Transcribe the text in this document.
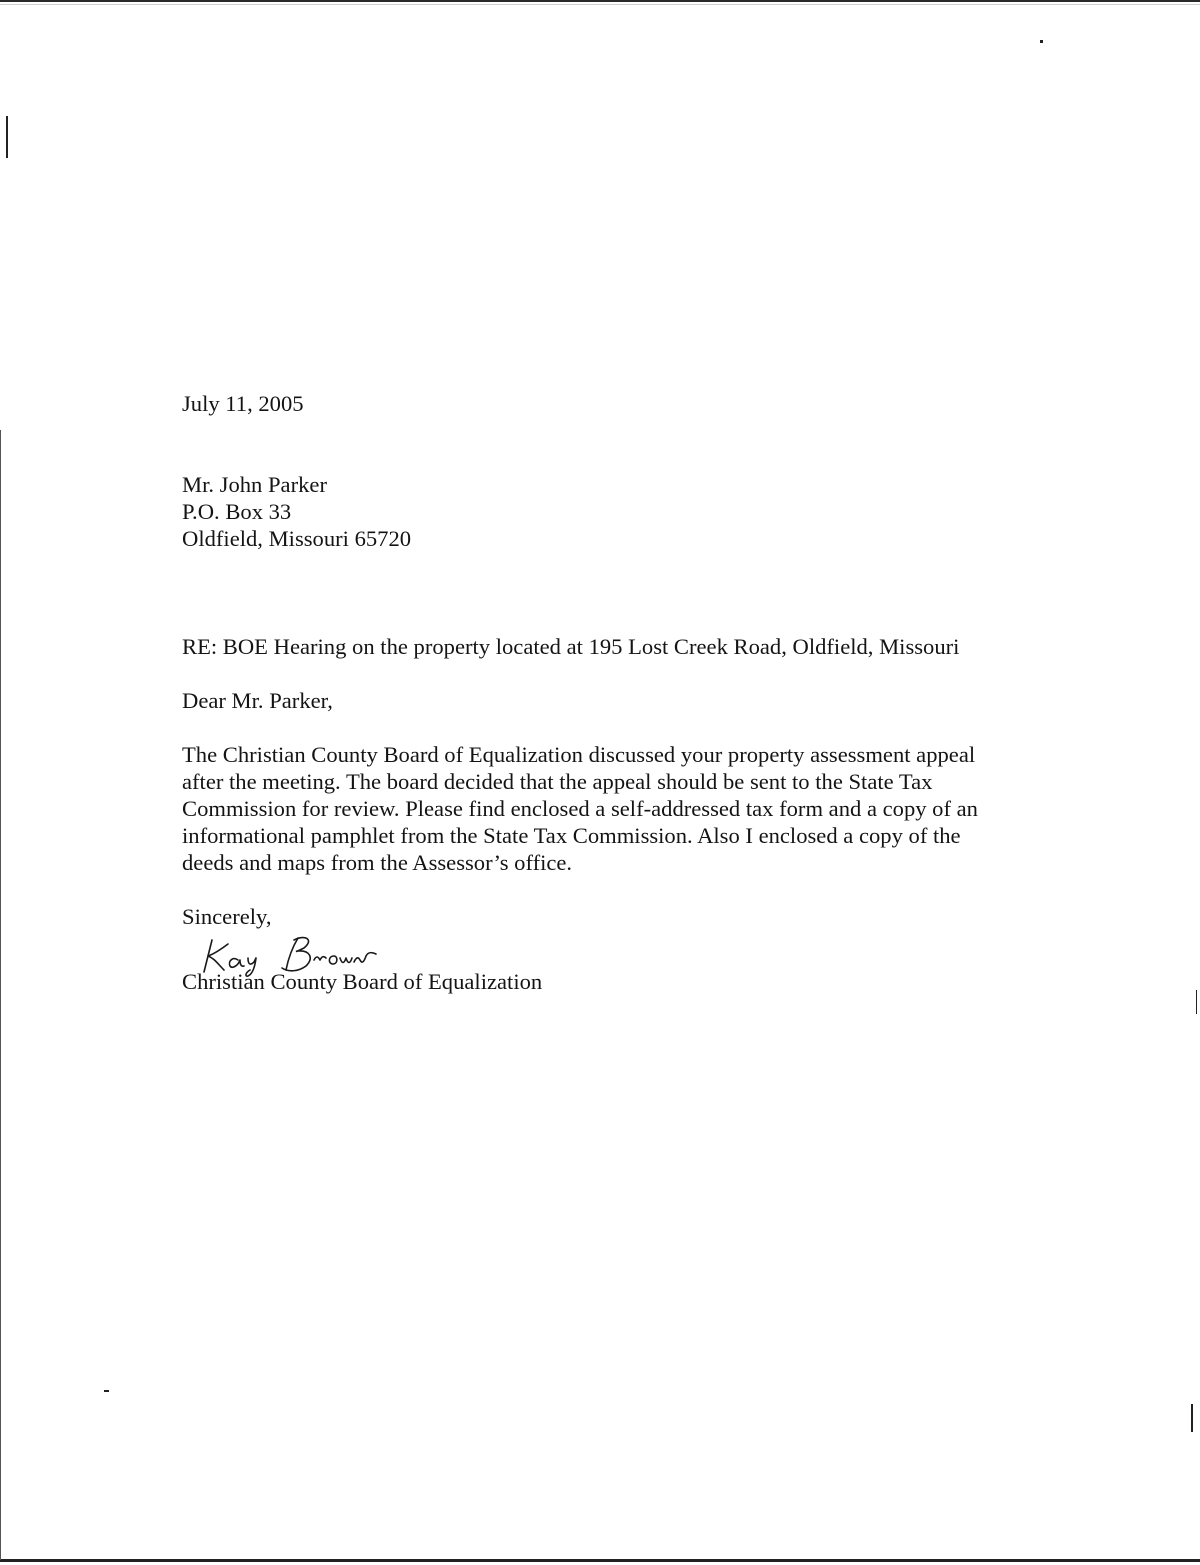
July 11, 2005

Mr. John Parker

P.O. Box 33

Oldfield, Missouri 65720

RE: BOE Hearing on the property located at 195 Lost Creek Road, Oldfield, Missouri

Dear Mr. Parker,

The Christian County Board of Equalization discussed your property assessment appeal

after the meeting. The board decided that the appeal should be sent to the State Tax

Commission for review. Please find enclosed a self-addressed tax form and a copy of an

informational pamphlet from the State Tax Commission. Also I enclosed a copy of the

deeds and maps from the Assessor’s office.

Sincerely,

Christian County Board of Equalization
